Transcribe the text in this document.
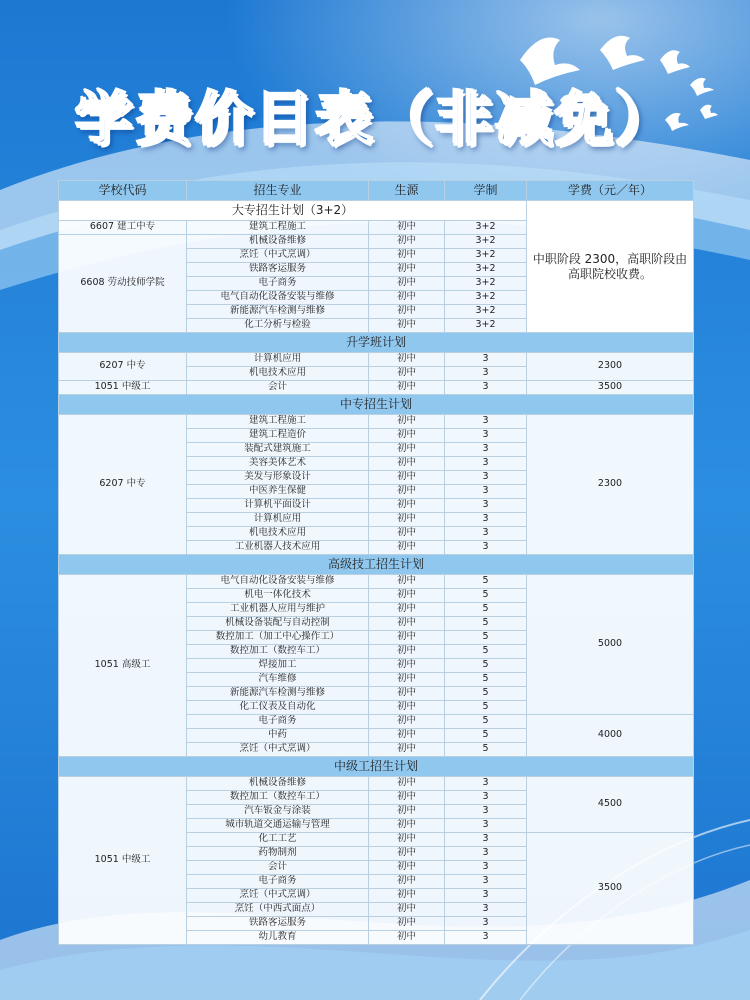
学费价目表（非减免）
学校代码	招生专业	生源	学制	学费（元／年）
大专招生计划（3+2）				中职阶段 2300，高职阶段由高职院校收费。
6607 建工中专	建筑工程施工	初中	3+2	
6608 劳动技师学院	机械设备维修	初中	3+2	
	烹饪（中式烹调）	初中	3+2	
	铁路客运服务	初中	3+2	
	电子商务	初中	3+2	
	电气自动化设备安装与维修	初中	3+2	
	新能源汽车检测与维修	初中	3+2	
	化工分析与检验	初中	3+2	
升学班计划				
6207 中专	计算机应用	初中	3	2300
	机电技术应用	初中	3	
1051 中级工	会计	初中	3	3500
中专招生计划				
6207 中专	建筑工程施工	初中	3	2300
	建筑工程造价	初中	3	
	装配式建筑施工	初中	3	
	美容美体艺术	初中	3	
	美发与形象设计	初中	3	
	中医养生保健	初中	3	
	计算机平面设计	初中	3	
	计算机应用	初中	3	
	机电技术应用	初中	3	
	工业机器人技术应用	初中	3	
高级技工招生计划				
1051 高级工	电气自动化设备安装与维修	初中	5	5000
	机电一体化技术	初中	5	
	工业机器人应用与维护	初中	5	
	机械设备装配与自动控制	初中	5	
	数控加工（加工中心操作工）	初中	5	
	数控加工（数控车工）	初中	5	
	焊接加工	初中	5	
	汽车维修	初中	5	
	新能源汽车检测与维修	初中	5	
	化工仪表及自动化	初中	5	
	电子商务	初中	5	4000
	中药	初中	5	
	烹饪（中式烹调）	初中	5	
中级工招生计划				
1051 中级工	机械设备维修	初中	3	4500
	数控加工（数控车工）	初中	3	
	汽车钣金与涂装	初中	3	
	城市轨道交通运输与管理	初中	3	
	化工工艺	初中	3	3500
	药物制剂	初中	3	
	会计	初中	3	
	电子商务	初中	3	
	烹饪（中式烹调）	初中	3	
	烹饪（中西式面点）	初中	3	
	铁路客运服务	初中	3	
	幼儿教育	初中	3	
